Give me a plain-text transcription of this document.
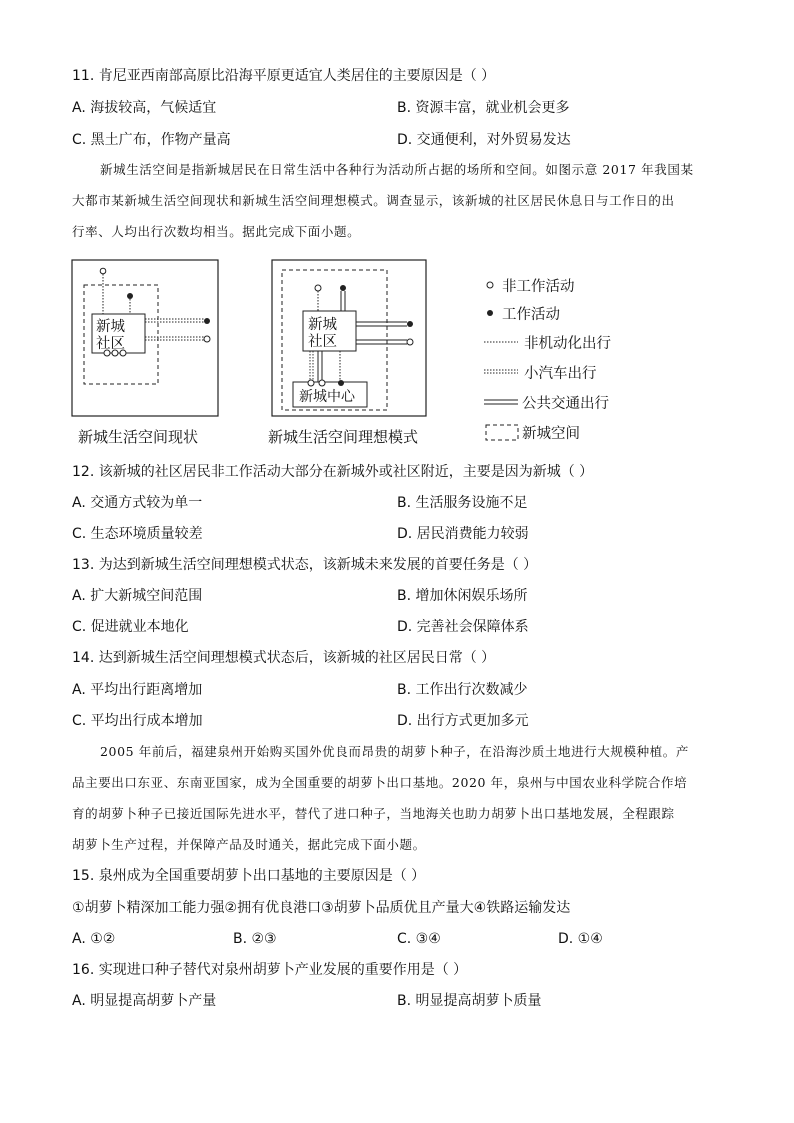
11. 肯尼亚西南部高原比沿海平原更适宜人类居住的主要原因是（ ）
A. 海拔较高，气候适宜	B. 资源丰富，就业机会更多
C. 黑土广布，作物产量高	D. 交通便利，对外贸易发达
新城生活空间是指新城居民在日常生活中各种行为活动所占据的场所和空间。如图示意 2017 年我国某
大都市某新城生活空间现状和新城生活空间理想模式。调查显示，该新城的社区居民休息日与工作日的出
行率、人均出行次数均相当。据此完成下面小题。
新城
社区
新城
社区
新城中心
新城生活空间现状	新城生活空间理想模式
非工作活动
工作活动
非机动化出行
小汽车出行
公共交通出行
新城空间
12. 该新城的社区居民非工作活动大部分在新城外或社区附近，主要是因为新城（ ）
A. 交通方式较为单一	B. 生活服务设施不足
C. 生态环境质量较差	D. 居民消费能力较弱
13. 为达到新城生活空间理想模式状态，该新城未来发展的首要任务是（ ）
A. 扩大新城空间范围	B. 增加休闲娱乐场所
C. 促进就业本地化	D. 完善社会保障体系
14. 达到新城生活空间理想模式状态后，该新城的社区居民日常（ ）
A. 平均出行距离增加	B. 工作出行次数减少
C. 平均出行成本增加	D. 出行方式更加多元
2005 年前后，福建泉州开始购买国外优良而昂贵的胡萝卜种子，在沿海沙质土地进行大规模种植。产
品主要出口东亚、东南亚国家，成为全国重要的胡萝卜出口基地。2020 年，泉州与中国农业科学院合作培
育的胡萝卜种子已接近国际先进水平，替代了进口种子，当地海关也助力胡萝卜出口基地发展，全程跟踪
胡萝卜生产过程，并保障产品及时通关，据此完成下面小题。
15. 泉州成为全国重要胡萝卜出口基地的主要原因是（ ）
①胡萝卜精深加工能力强②拥有优良港口③胡萝卜品质优且产量大④铁路运输发达
A. ①②	B. ②③	C. ③④	D. ①④
16. 实现进口种子替代对泉州胡萝卜产业发展的重要作用是（ ）
A. 明显提高胡萝卜产量	B. 明显提高胡萝卜质量
